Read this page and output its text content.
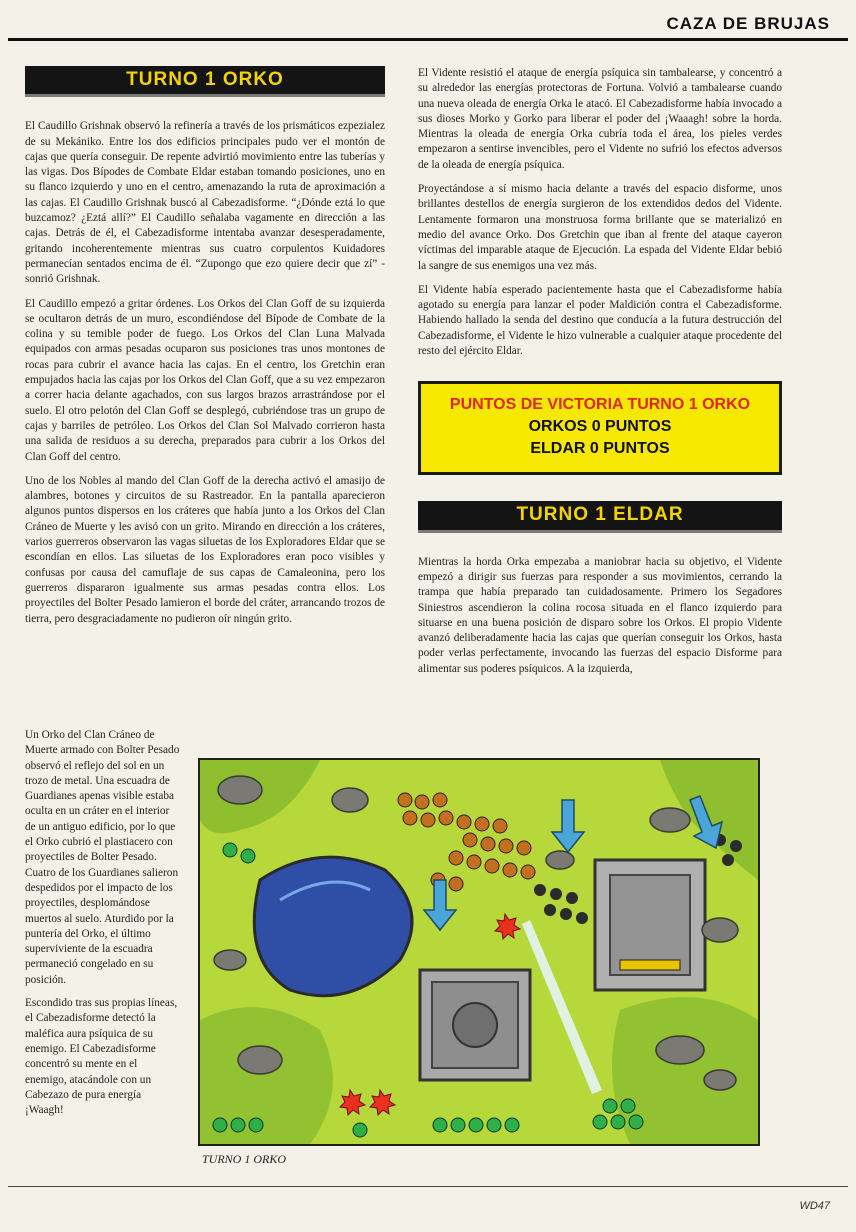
CAZA DE BRUJAS
TURNO 1 ORKO

El Caudillo Grishnak observó la refinería a través de los prismáticos ezpezialez de su Mekániko. Entre los dos edificios principales pudo ver el montón de cajas que quería conseguir. De repente advirtió movimiento entre las tuberías y las vigas. Dos Bípodes de Combate Eldar estaban tomando posiciones, uno en su flanco izquierdo y uno en el centro, amenazando la ruta de aproximación a las cajas. El Caudillo Grishnak buscó al Cabezadisforme. “¿Dónde eztá lo que buzcamoz? ¿Eztá allí?” El Caudillo señalaba vagamente en dirección a las cajas. Detrás de él, el Cabezadisforme intentaba avanzar desesperadamente, gritando incoherentemente mientras sus cuatro corpulentos Kuidadores permanecían sentados encima de él. “Zupongo que ezo quiere decir que zí” - sonrió Grishnak.

El Caudillo empezó a gritar órdenes. Los Orkos del Clan Goff de su izquierda se ocultaron detrás de un muro, escondiéndose del Bípode de Combate de la colina y su temible poder de fuego. Los Orkos del Clan Luna Malvada equipados con armas pesadas ocuparon sus posiciones tras unos montones de rocas para cubrir el avance hacia las cajas. En el centro, los Gretchin eran empujados hacia las cajas por los Orkos del Clan Goff, que a su vez empezaron a correr hacia delante agachados, con sus largos brazos arrastrándose por el suelo. El otro pelotón del Clan Goff se desplegó, cubriéndose tras un grupo de cajas y barriles de petróleo. Los Orkos del Clan Sol Malvado corrieron hasta una salida de residuos a su derecha, preparados para cubrir a los Orkos del Clan Goff del centro.

Uno de los Nobles al mando del Clan Goff de la derecha activó el amasijo de alambres, botones y circuitos de su Rastreador. En la pantalla aparecieron algunos puntos dispersos en los cráteres que había junto a los Orkos del Clan Cráneo de Muerte y les avisó con un grito. Mirando en dirección a los cráteres, varios guerreros observaron las vagas siluetas de los Exploradores Eldar que se escondían en ellos. Las siluetas de los Exploradores eran poco visibles y confusas por causa del camuflaje de sus capas de Camaleonina, pero los guerreros dispararon igualmente sus armas pesadas contra ellos. Los proyectiles del Bolter Pesado lamieron el borde del cráter, arrancando trozos de tierra, pero desgraciadamente no pudieron oír ningún grito.

Un Orko del Clan Cráneo de Muerte armado con Bolter Pesado observó el reflejo del sol en un trozo de metal. Una escuadra de Guardianes apenas visible estaba oculta en un cráter en el interior de un antiguo edificio, por lo que el Orko cubrió el plastiacero con proyectiles de Bolter Pesado. Cuatro de los Guardianes salieron despedidos por el impacto de los proyectiles, desplomándose muertos al suelo. Aturdido por la puntería del Orko, el último superviviente de la escuadra permaneció congelado en su posición.

Escondido tras sus propias líneas, el Cabezadisforme detectó la maléfica aura psíquica de su enemigo. El Cabezadisforme concentró su mente en el enemigo, atacándole con un Cabezazo de pura energía ¡Waagh!

El Vidente resistió el ataque de energía psíquica sin tambalearse, y concentró a su alrededor las energías protectoras de Fortuna. Volvió a tambalearse cuando una nueva oleada de energía Orka le atacó. El Cabezadisforme había invocado a sus dioses Morko y Gorko para liberar el poder del ¡Waaagh! sobre la horda. Mientras la oleada de energía Orka cubría toda el área, los pieles verdes empezaron a sentirse invencibles, pero el Vidente no sufrió los efectos adversos de la oleada de energía psíquica.

Proyectándose a sí mismo hacia delante a través del espacio disforme, unos brillantes destellos de energía surgieron de los extendidos dedos del Vidente. Lentamente formaron una monstruosa forma brillante que se materializó en medio del avance Orko. Dos Gretchin que iban al frente del ataque cayeron víctimas del imparable ataque de Ejecución. La espada del Vidente Eldar bebió la sangre de sus enemigos una vez más.

El Vidente había esperado pacientemente hasta que el Cabezadisforme había agotado su energía para lanzar el poder Maldición contra el Cabezadisforme. Habiendo hallado la senda del destino que conducía a la futura destrucción del Cabezadisforme, el Vidente le hizo vulnerable a cualquier ataque procedente del resto del ejército Eldar.

PUNTOS DE VICTORIA TURNO 1 ORKO
ORKOS 0 PUNTOS
ELDAR 0 PUNTOS
TURNO 1 ELDAR

Mientras la horda Orka empezaba a maniobrar hacia su objetivo, el Vidente empezó a dirigir sus fuerzas para responder a sus movimientos, cerrando la trampa que había preparado tan cuidadosamente. Primero los Segadores Siniestros ascendieron la colina rocosa situada en el flanco izquierdo para situarse en una buena posición de disparo sobre los Orkos. El propio Vidente avanzó deliberadamente hacia las cajas que querían conseguir los Orkos, hasta poder verlas perfectamente, invocando las fuerzas del espacio Disforme para alimentar sus poderes psíquicos. A la izquierda,

TURNO 1 ORKO
WD47
